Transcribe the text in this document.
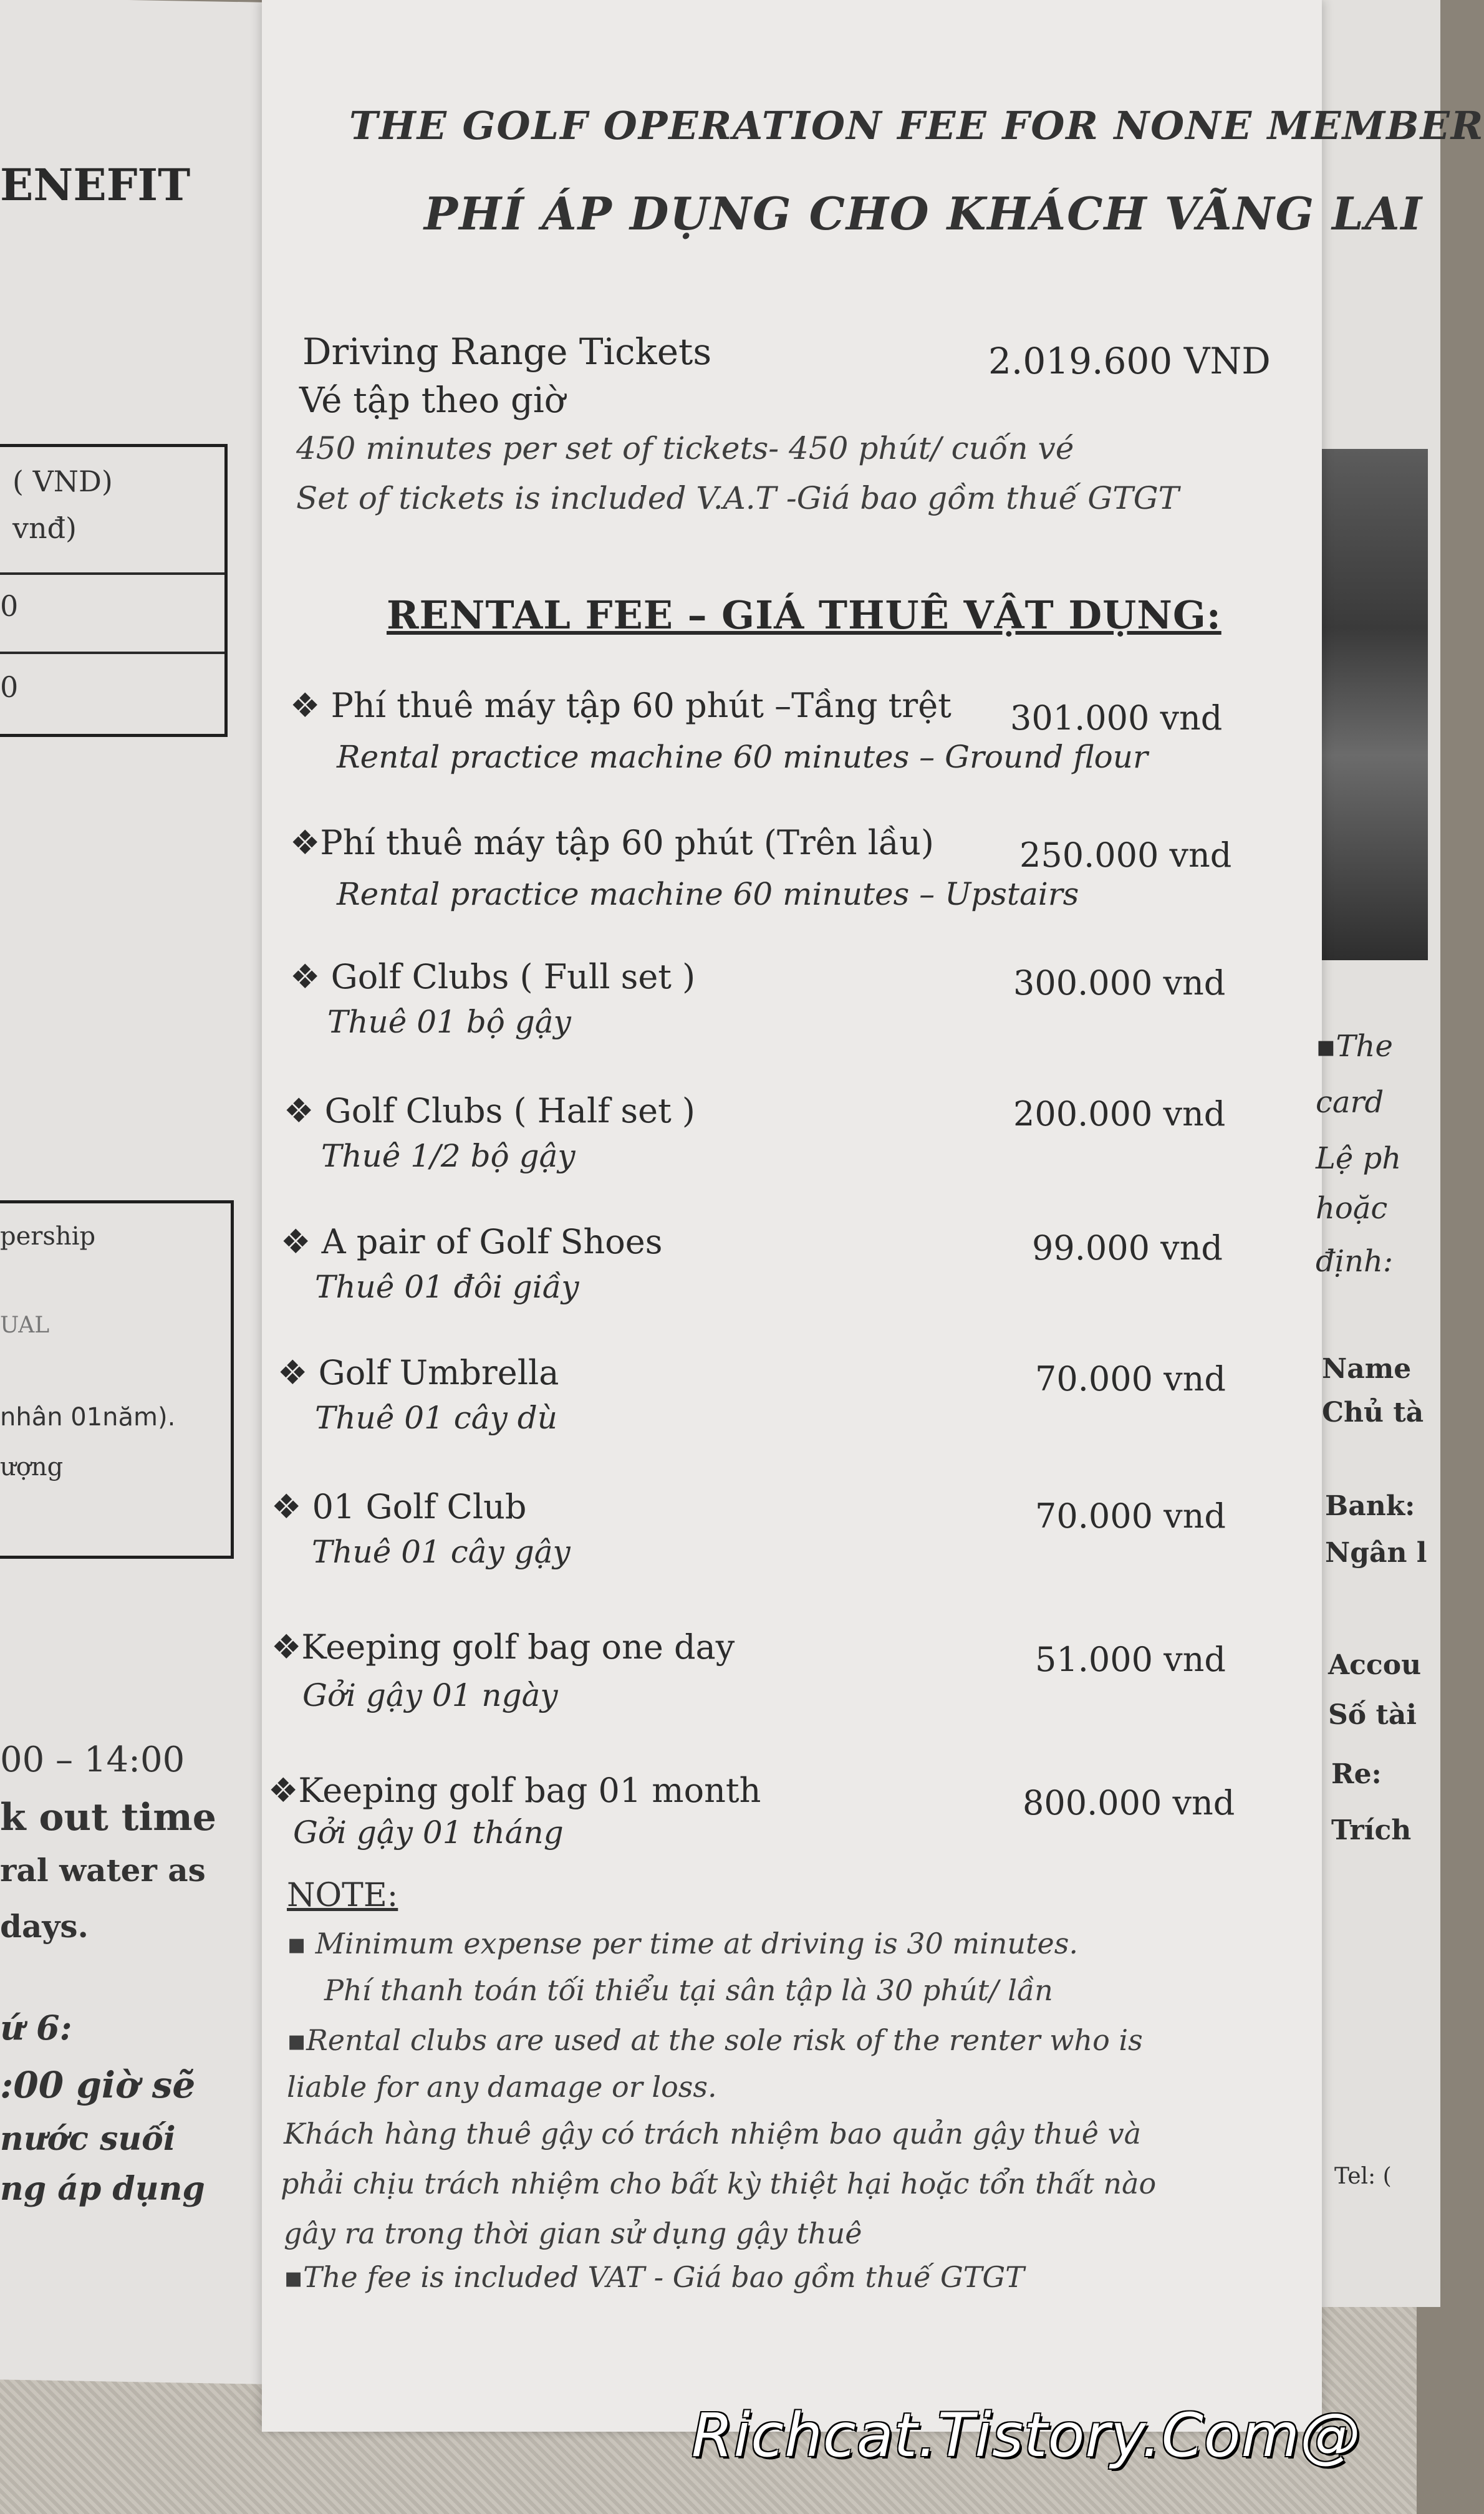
ENEFIT
( VND)
vnđ)
0
0
pership
UAL
nhân 01năm).
ượng
00 – 14:00
k out time
ral water as
days.
ứ 6:
:00 giờ sẽ
nước suối
ng áp dụng
THE GOLF OPERATION FEE FOR NONE MEMBER
PHÍ ÁP DỤNG CHO KHÁCH VÃNG LAI
Driving Range Tickets	2.019.600 VND
Vé tập theo giờ
450 minutes per set of tickets- 450 phút/ cuốn vé
Set of tickets is included V.A.T -Giá bao gồm thuế GTGT
RENTAL FEE – GIÁ THUÊ VẬT DỤNG:
❖ Phí thuê máy tập 60 phút –Tầng trệt 301.000 vnd
Rental practice machine 60 minutes – Ground flour
❖Phí thuê máy tập 60 phút (Trên lầu)	250.000 vnd
Rental practice machine 60 minutes – Upstairs
❖ Golf Clubs ( Full set )	300.000 vnd
Thuê 01 bộ gậy
❖ Golf Clubs ( Half set )	200.000 vnd
Thuê 1/2 bộ gậy
❖ A pair of Golf Shoes	99.000 vnd
Thuê 01 đôi giầy
❖ Golf Umbrella	70.000 vnd
Thuê 01 cây dù
❖ 01 Golf Club	70.000 vnd
Thuê 01 cây gậy
❖Keeping golf bag one day	51.000 vnd
Gởi gậy 01 ngày
❖Keeping golf bag 01 month	800.000 vnd
Gởi gậy 01 tháng
NOTE:
▪ Minimum expense per time at driving is 30 minutes.
Phí thanh toán tối thiểu tại sân tập là 30 phút/ lần
▪Rental clubs are used at the sole risk of the renter who is
liable for any damage or loss.
Khách hàng thuê gậy có trách nhiệm bao quản gậy thuê và
phải chịu trách nhiệm cho bất kỳ thiệt hại hoặc tổn thất nào
gây ra trong thời gian sử dụng gậy thuê
▪The fee is included VAT - Giá bao gồm thuế GTGT
▪The
card
Lệ ph
hoặc
định:
Name
Chủ tà
Bank:
Ngân l
Accou
Số tài
Re:
Trích
Tel: (
Richcat.Tistory.Com@
